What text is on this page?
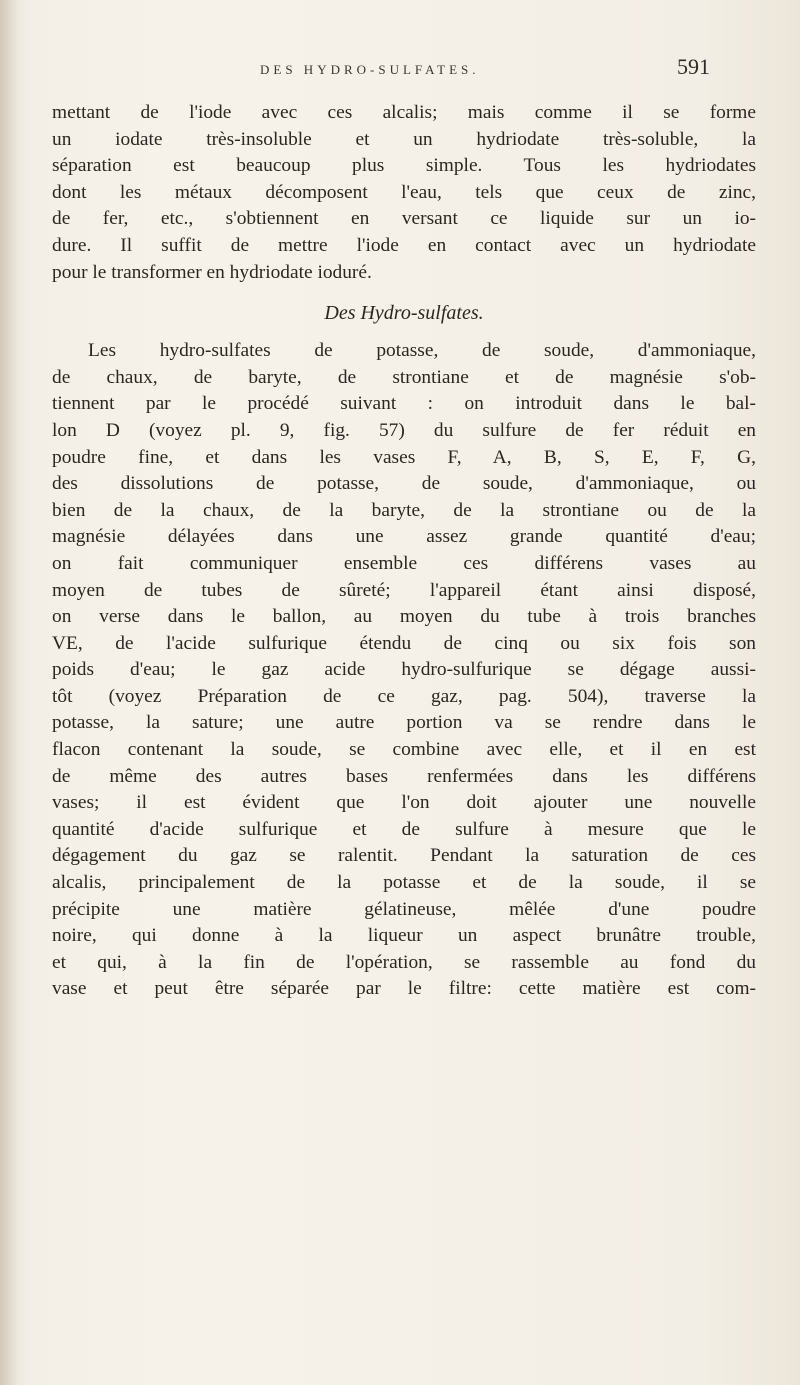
DES HYDRO-SULFATES.	591
mettant de l'iode avec ces alcalis; mais comme il se forme
un iodate très-insoluble et un hydriodate très-soluble, la
séparation est beaucoup plus simple. Tous les hydriodates
dont les métaux décomposent l'eau, tels que ceux de zinc,
de fer, etc., s'obtiennent en versant ce liquide sur un io-
dure. Il suffit de mettre l'iode en contact avec un hydriodate
pour le transformer en hydriodate ioduré.
Des Hydro-sulfates.
Les hydro-sulfates de potasse, de soude, d'ammoniaque,
de chaux, de baryte, de strontiane et de magnésie s'ob-
tiennent par le procédé suivant : on introduit dans le bal-
lon D (voyez pl. 9, fig. 57) du sulfure de fer réduit en
poudre fine, et dans les vases F, A, B, S, E, F, G,
des dissolutions de potasse, de soude, d'ammoniaque, ou
bien de la chaux, de la baryte, de la strontiane ou de la
magnésie délayées dans une assez grande quantité d'eau;
on fait communiquer ensemble ces différens vases au
moyen de tubes de sûreté; l'appareil étant ainsi disposé,
on verse dans le ballon, au moyen du tube à trois branches
VE, de l'acide sulfurique étendu de cinq ou six fois son
poids d'eau; le gaz acide hydro-sulfurique se dégage aussi-
tôt (voyez Préparation de ce gaz, pag. 504), traverse la
potasse, la sature; une autre portion va se rendre dans le
flacon contenant la soude, se combine avec elle, et il en est
de même des autres bases renfermées dans les différens
vases; il est évident que l'on doit ajouter une nouvelle
quantité d'acide sulfurique et de sulfure à mesure que le
dégagement du gaz se ralentit. Pendant la saturation de ces
alcalis, principalement de la potasse et de la soude, il se
précipite une matière gélatineuse, mêlée d'une poudre
noire, qui donne à la liqueur un aspect brunâtre trouble,
et qui, à la fin de l'opération, se rassemble au fond du
vase et peut être séparée par le filtre: cette matière est com-
